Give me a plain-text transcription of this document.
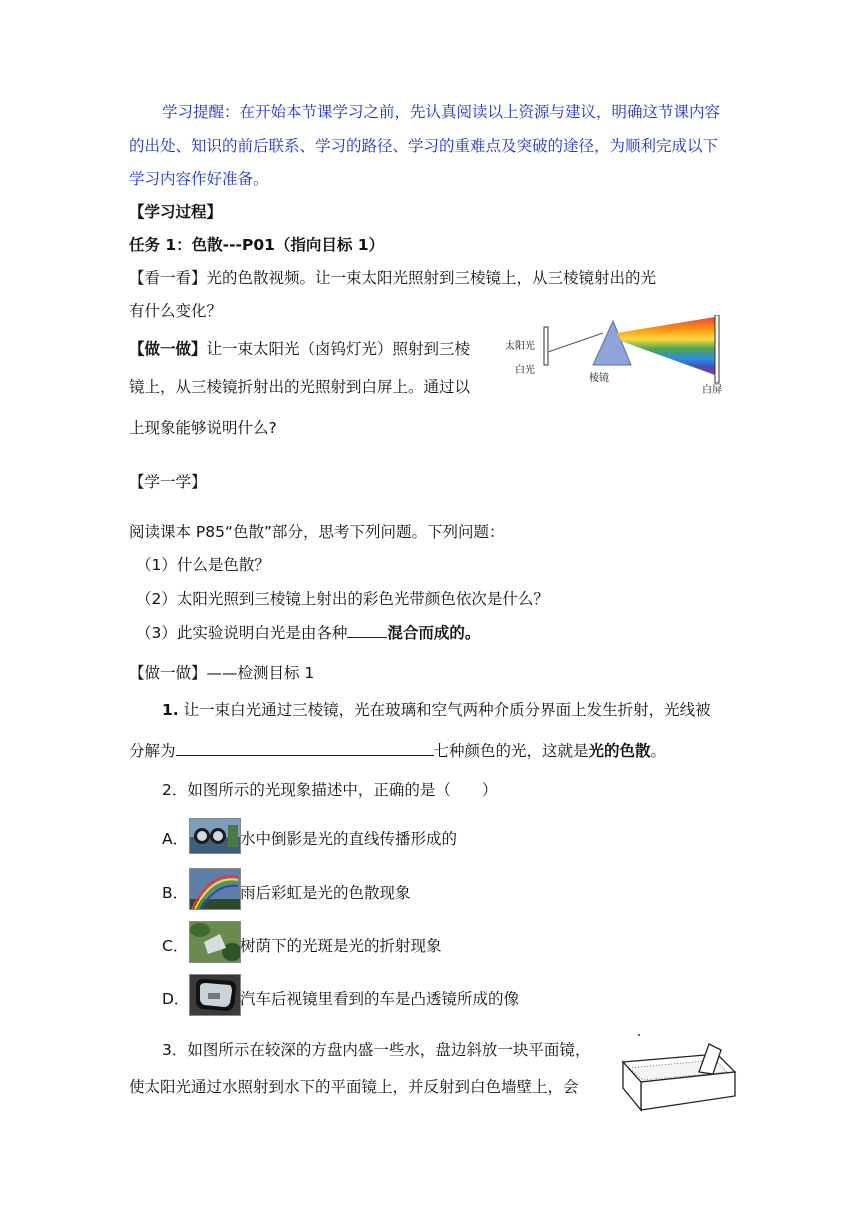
学习提醒：在开始本节课学习之前，先认真阅读以上资源与建议，明确这节课内容
的出处、知识的前后联系、学习的路径、学习的重难点及突破的途径，为顺利完成以下
学习内容作好准备。
【学习过程】
任务 1：色散---P01（指向目标 1）
【看一看】光的色散视频。让一束太阳光照射到三棱镜上，从三棱镜射出的光
有什么变化？
【做一做】让一束太阳光（卤钨灯光）照射到三棱
镜上，从三棱镜折射出的光照射到白屏上。通过以
上现象能够说明什么?
太阳光
白光
棱镜
白屏
【学一学】
阅读课本 P85“色散”部分，思考下列问题。下列问题：
（1）什么是色散？
（2）太阳光照到三棱镜上射出的彩色光带颜色依次是什么？
（3）此实验说明白光是由各种	混合而成的。
【做一做】——检测目标 1
1. 让一束白光通过三棱镜，光在玻璃和空气两种介质分界面上发生折射，光线被
分解为	七种颜色的光，这就是光的色散。
2．如图所示的光现象描述中，正确的是（　　）
A．	水中倒影是光的直线传播形成的
B．	雨后彩虹是光的色散现象
C．	树荫下的光斑是光的折射现象
D．	汽车后视镜里看到的车是凸透镜所成的像
3．如图所示在较深的方盘内盛一些水，盘边斜放一块平面镜，
使太阳光通过水照射到水下的平面镜上，并反射到白色墙壁上，会
